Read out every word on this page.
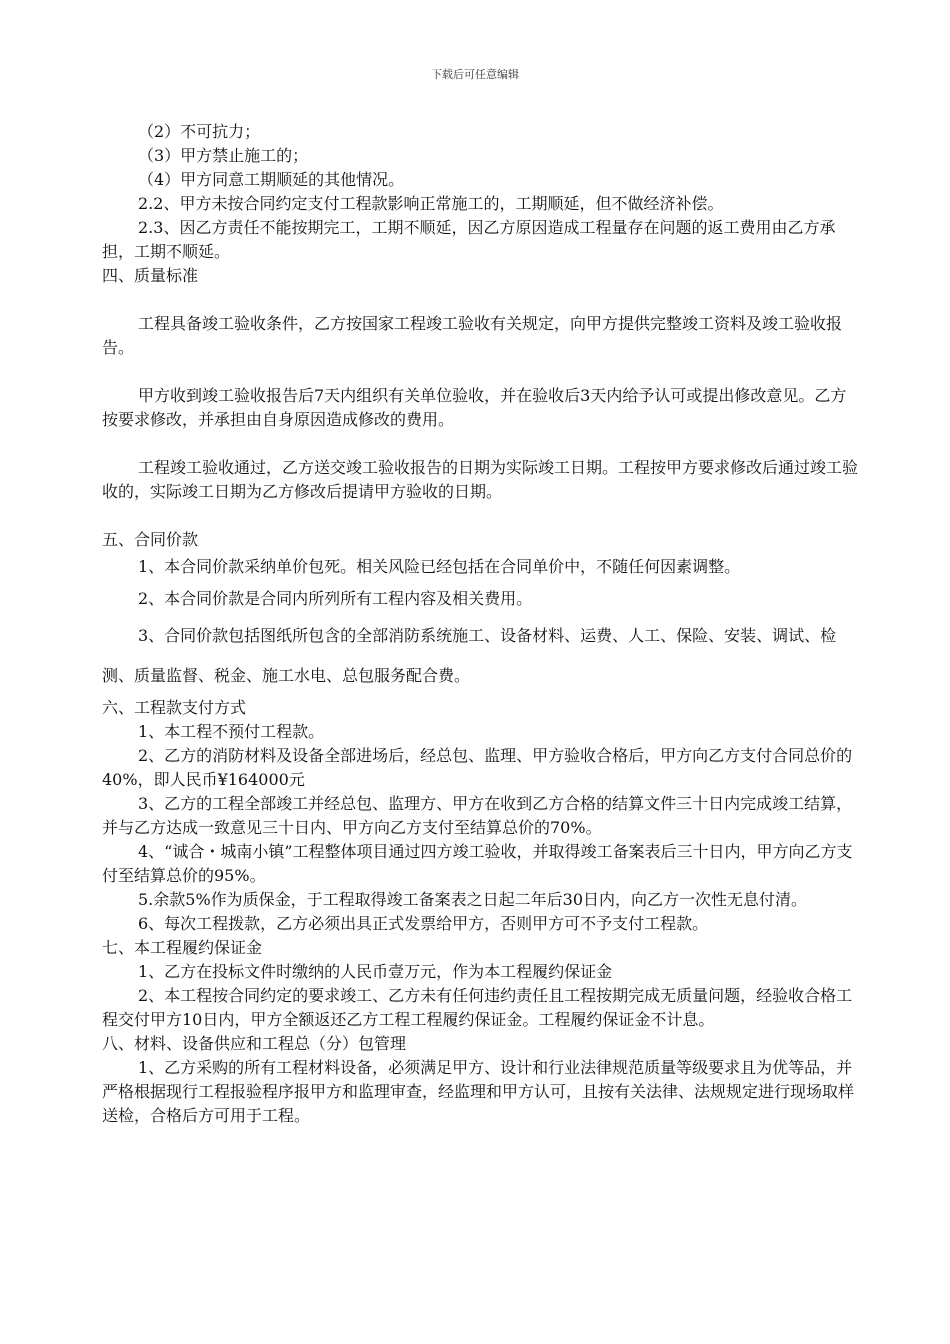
下载后可任意编辑

（2）不可抗力；

（3）甲方禁止施工的；

（4）甲方同意工期顺延的其他情况。

2.2、甲方未按合同约定支付工程款影响正常施工的，工期顺延，但不做经济补偿。

2.3、因乙方责任不能按期完工，工期不顺延，因乙方原因造成工程量存在问题的返工费用由乙方承担，工期不顺延。

四、质量标准

工程具备竣工验收条件，乙方按国家工程竣工验收有关规定，向甲方提供完整竣工资料及竣工验收报告。

甲方收到竣工验收报告后7天内组织有关单位验收，并在验收后3天内给予认可或提出修改意见。乙方按要求修改，并承担由自身原因造成修改的费用。

工程竣工验收通过，乙方送交竣工验收报告的日期为实际竣工日期。工程按甲方要求修改后通过竣工验收的，实际竣工日期为乙方修改后提请甲方验收的日期。

五、合同价款

1、本合同价款采纳单价包死。相关风险已经包括在合同单价中，不随任何因素调整。

2、本合同价款是合同内所列所有工程内容及相关费用。

3、合同价款包括图纸所包含的全部消防系统施工、设备材料、运费、人工、保险、安装、调试、检测、质量监督、税金、施工水电、总包服务配合费。

六、工程款支付方式

1、本工程不预付工程款。

2、乙方的消防材料及设备全部进场后，经总包、监理、甲方验收合格后，甲方向乙方支付合同总价的40%，即人民币¥164000元

3、乙方的工程全部竣工并经总包、监理方、甲方在收到乙方合格的结算文件三十日内完成竣工结算，并与乙方达成一致意见三十日内、甲方向乙方支付至结算总价的70%。

4、“诚合・城南小镇”工程整体项目通过四方竣工验收，并取得竣工备案表后三十日内，甲方向乙方支付至结算总价的95%。

5.余款5%作为质保金，于工程取得竣工备案表之日起二年后30日内，向乙方一次性无息付清。

6、每次工程拨款，乙方必须出具正式发票给甲方，否则甲方可不予支付工程款。

七、本工程履约保证金

1、乙方在投标文件时缴纳的人民币壹万元，作为本工程履约保证金

2、本工程按合同约定的要求竣工、乙方未有任何违约责任且工程按期完成无质量问题，经验收合格工程交付甲方10日内，甲方全额返还乙方工程工程履约保证金。工程履约保证金不计息。

八、材料、设备供应和工程总（分）包管理

1、乙方采购的所有工程材料设备，必须满足甲方、设计和行业法律规范质量等级要求且为优等品，并严格根据现行工程报验程序报甲方和监理审查，经监理和甲方认可，且按有关法律、法规规定进行现场取样送检，合格后方可用于工程。
